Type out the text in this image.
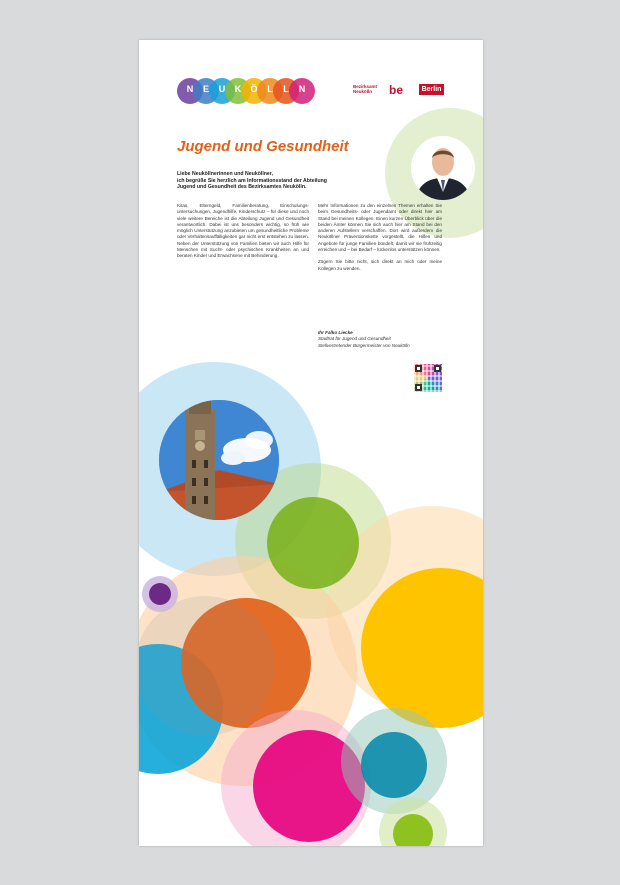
N	E	U	K	Ö	L	L	N	Bezirksamt
Neukölln	be	Berlin
Jugend und Gesundheit
Liebe Neuköllnerinnen und Neuköllner,
ich begrüße Sie herzlich am Informationsstand der Abteilung
Jugend und Gesundheit des Bezirksamtes Neukölln.

Kitas, Elterngeld, Familienberatung, Einschulungs-untersuchungen, Jugendhilfe, Kinderschutz – für diese und noch viele weitere Bereiche ist die Abteilung Jugend und Gesundheit verantwortlich. Dabei ist uns besonders wichtig, so früh wie möglich Unterstützung anzubieten um gesundheitliche Probleme oder Verhaltensauffälligkeiten gar nicht erst entstehen zu lassen. Neben der Unterstützung von Familien bieten wir auch Hilfe für Menschen mit Sucht- oder psychischen Krankheiten an und beraten Kinder und Erwachsene mit Behinderung.

Mehr Informationen zu den einzelnen Themen erhalten Sie beim Gesundheits- oder Jugendamt oder direkt hier am Stand bei meinen Kollegen. Einen kurzen Überblick über die beiden Ämter können Sie sich auch hier am Stand bei den anderen Aufstellern verschaffen. Dort wird außerdem die Neuköllner Präventionskette vorgestellt, die Hilfen und Angebote für junge Familien bündelt, damit wir sie frühzeitig erreichen und – bei Bedarf – lückenlos unterstützen können.

Zögern Sie bitte nicht, sich direkt an mich oder meine Kollegen zu wenden.

Ihr Falko Liecke
Stadtrat für Jugend und Gesundheit
Stellvertretender Bürgermeister von Neukölln
